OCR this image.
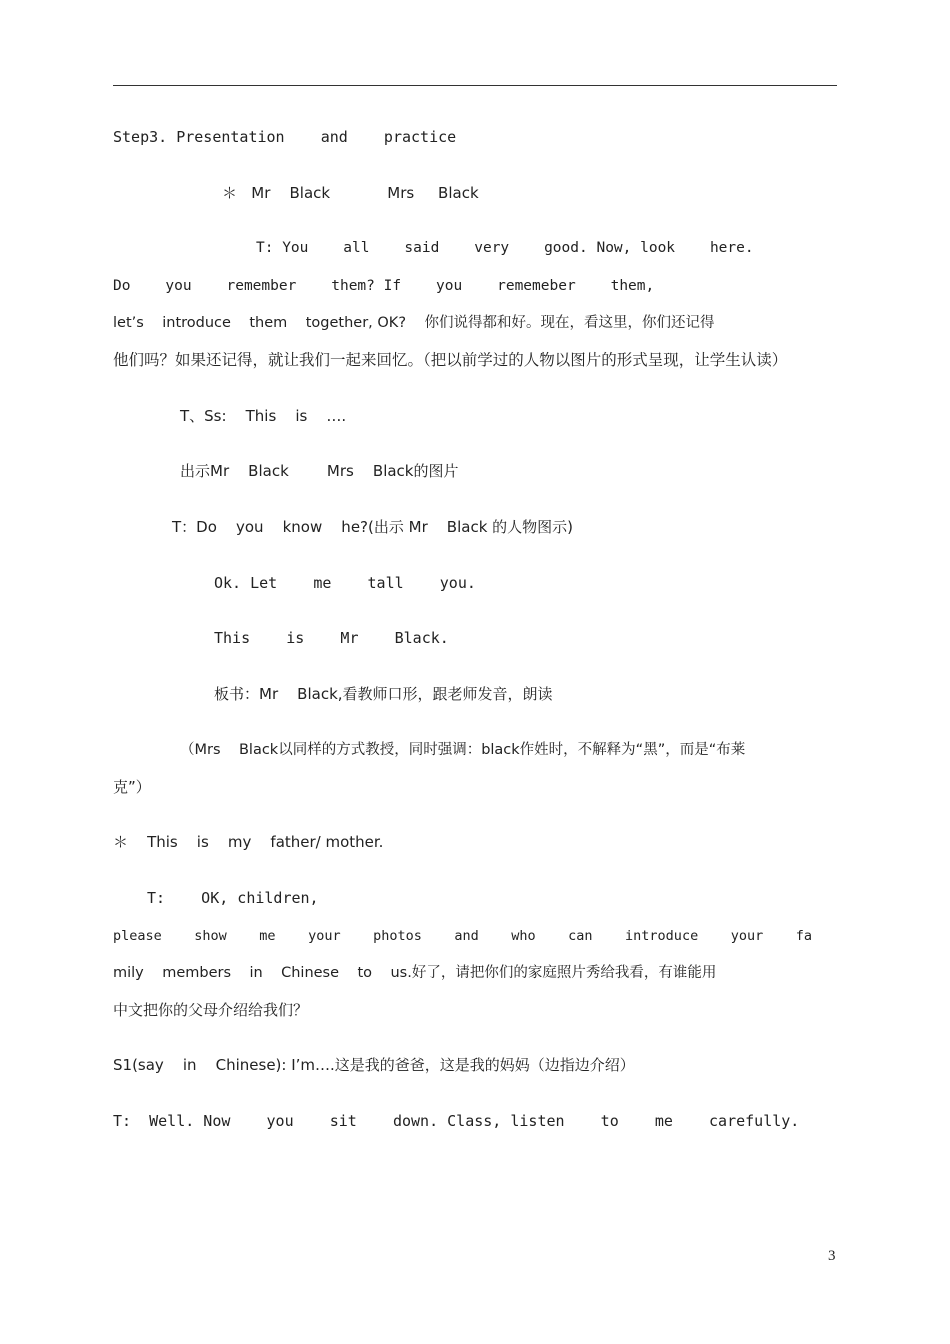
Step3. Presentation    and    practice
＊   Mr    Black            Mrs     Black
T: You    all    said    very    good. Now, look    here.
Do    you    remember    them? If    you    rememeber    them,
let’s    introduce    them    together, OK?    你们说得都和好。现在，看这里，你们还记得
他们吗？如果还记得，就让我们一起来回忆。（把以前学过的人物以图片的形式呈现，让学生认读）
T、Ss:    This    is    ….
出示Mr    Black        Mrs    Black的图片
T：Do    you    know    he?(出示 Mr    Black 的人物图示)
Ok. Let    me    tall    you.
This    is    Mr    Black.
板书：Mr    Black,看教师口形，跟老师发音，朗读
（Mrs    Black以同样的方式教授，同时强调：black作姓时，不解释为“黑”，而是“布莱
克”）
＊    This    is    my    father/ mother.
T:    OK, children,
please    show    me    your    photos    and    who    can    introduce    your    fa
mily    members    in    Chinese    to    us.好了，请把你们的家庭照片秀给我看，有谁能用
中文把你的父母介绍给我们？
S1(say    in    Chinese): I’m….这是我的爸爸，这是我的妈妈（边指边介绍）
T:  Well. Now    you    sit    down. Class, listen    to    me    carefully.
3
